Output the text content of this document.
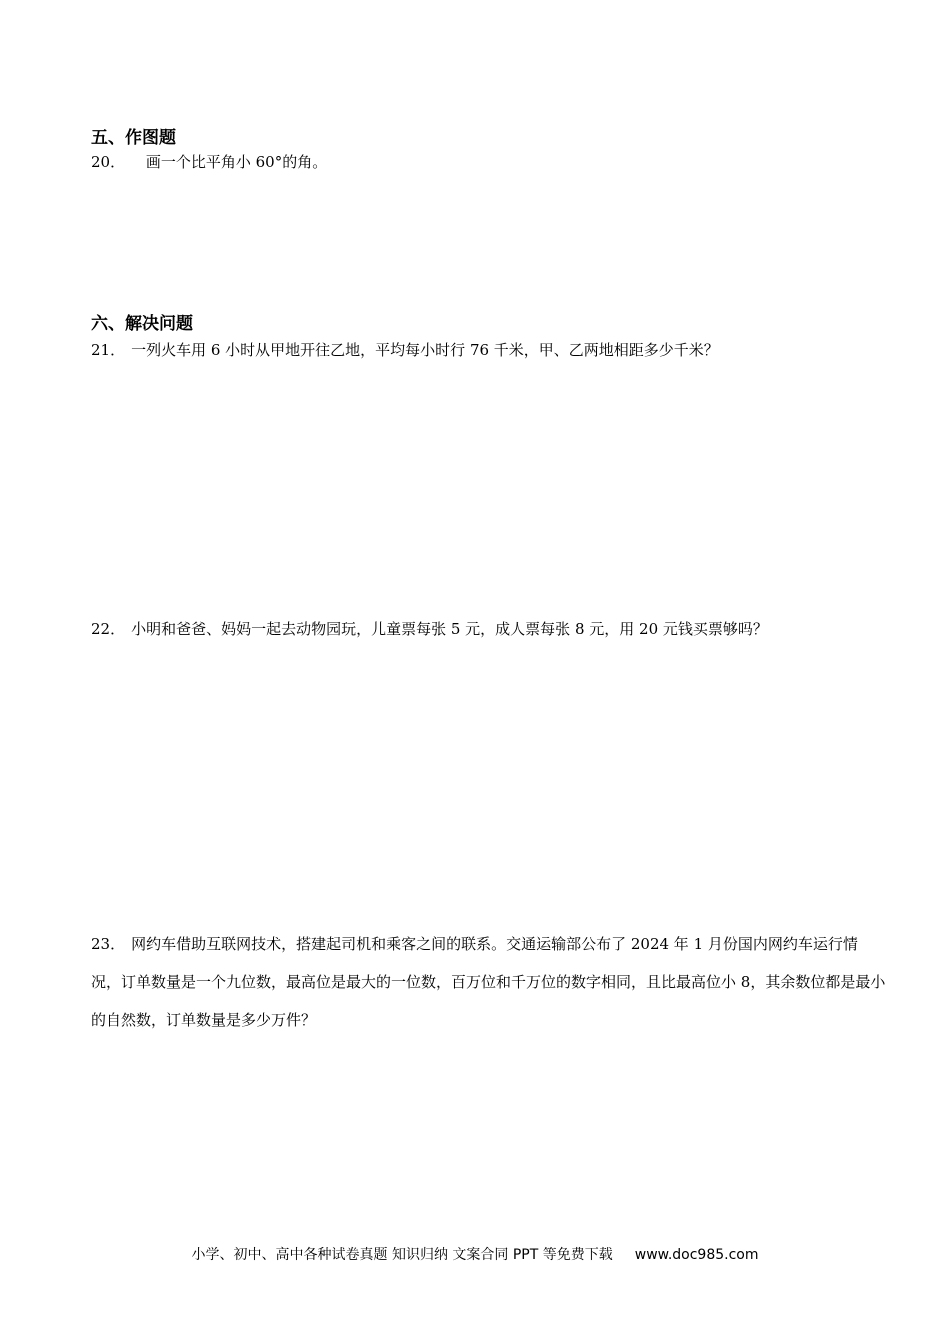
五、作图题
20． 画一个比平角小 60°的角。
六、解决问题
21． 一列火车用 6 小时从甲地开往乙地，平均每小时行 76 千米，甲、乙两地相距多少千米？
22． 小明和爸爸、妈妈一起去动物园玩，儿童票每张 5 元，成人票每张 8 元，用 20 元钱买票够吗？
23． 网约车借助互联网技术，搭建起司机和乘客之间的联系。交通运输部公布了 2024 年 1 月份国内网约车运行情况，订单数量是一个九位数，最高位是最大的一位数，百万位和千万位的数字相同，且比最高位小 8，其余数位都是最小的自然数，订单数量是多少万件？
小学、初中、高中各种试卷真题 知识归纳 文案合同 PPT 等免费下载 www.doc985.com
